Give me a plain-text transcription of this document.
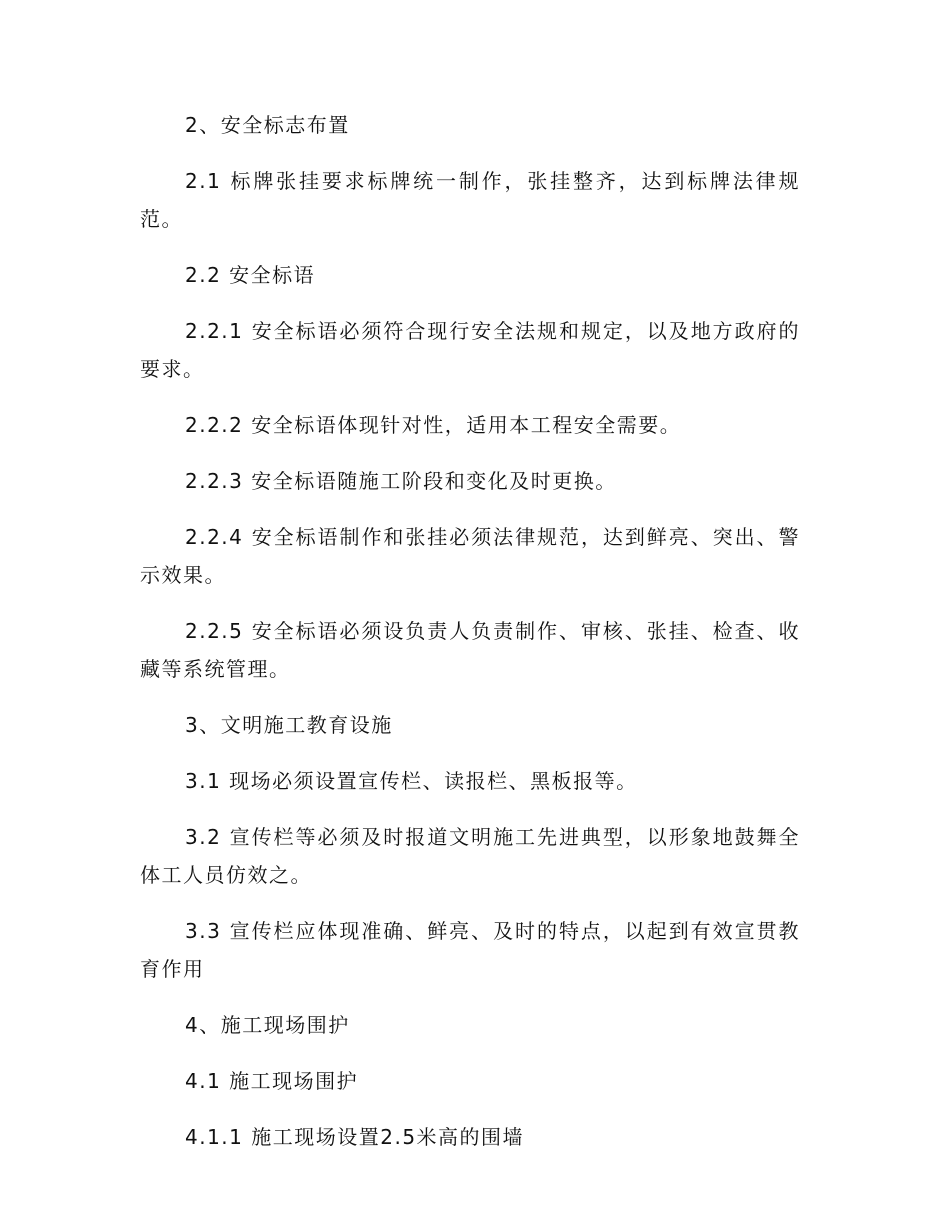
2、安全标志布置

2.1 标牌张挂要求标牌统一制作，张挂整齐，达到标牌法律规范。

2.2 安全标语

2.2.1 安全标语必须符合现行安全法规和规定，以及地方政府的要求。

2.2.2 安全标语体现针对性，适用本工程安全需要。

2.2.3 安全标语随施工阶段和变化及时更换。

2.2.4 安全标语制作和张挂必须法律规范，达到鲜亮、突出、警示效果。

2.2.5 安全标语必须设负责人负责制作、审核、张挂、检查、收藏等系统管理。

3、文明施工教育设施

3.1 现场必须设置宣传栏、读报栏、黑板报等。

3.2 宣传栏等必须及时报道文明施工先进典型，以形象地鼓舞全体工人员仿效之。

3.3 宣传栏应体现准确、鲜亮、及时的特点，以起到有效宣贯教育作用

4、施工现场围护

4.1 施工现场围护

4.1.1 施工现场设置2.5米高的围墙
